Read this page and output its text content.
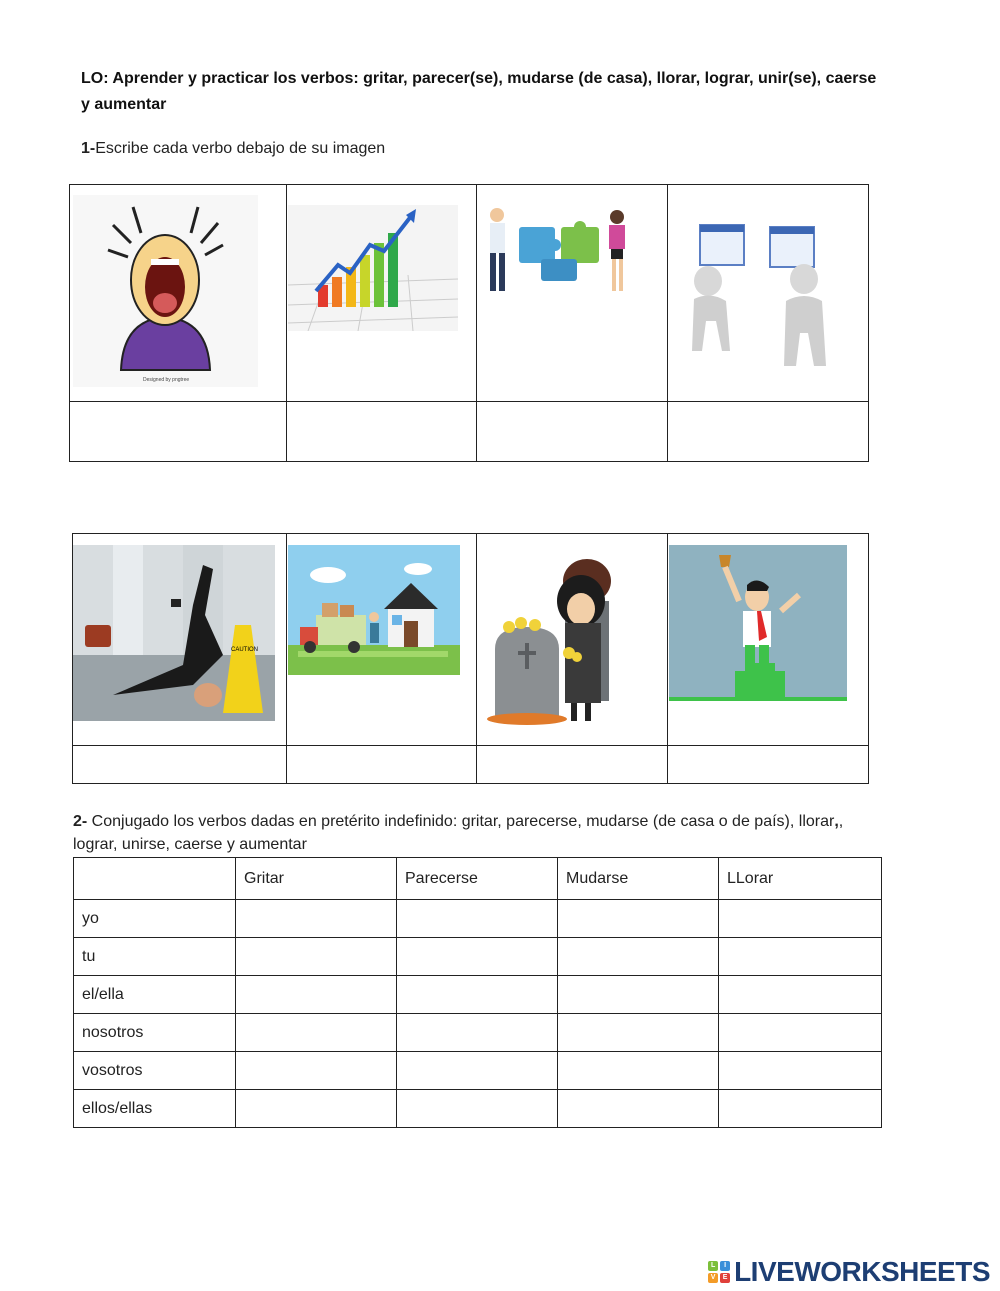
LO: Aprender y practicar los verbos: gritar, parecer(se), mudarse (de casa), llorar, lograr, unir(se), caerse y aumentar
1-Escribe cada verbo debajo de su imagen
Designed by pngtree

CAUTION

2- Conjugado los verbos dadas en pretérito indefinido: gritar, parecerse, mudarse (de casa o de país), llorar,, lograr, unirse, caerse y aumentar
	Gritar	Parecerse	Mudarse	LLorar
yo				
tu				
el/ella				
nosotros				
vosotros				
ellos/ellas				
L	I
V	E LIVEWORKSHEETS
